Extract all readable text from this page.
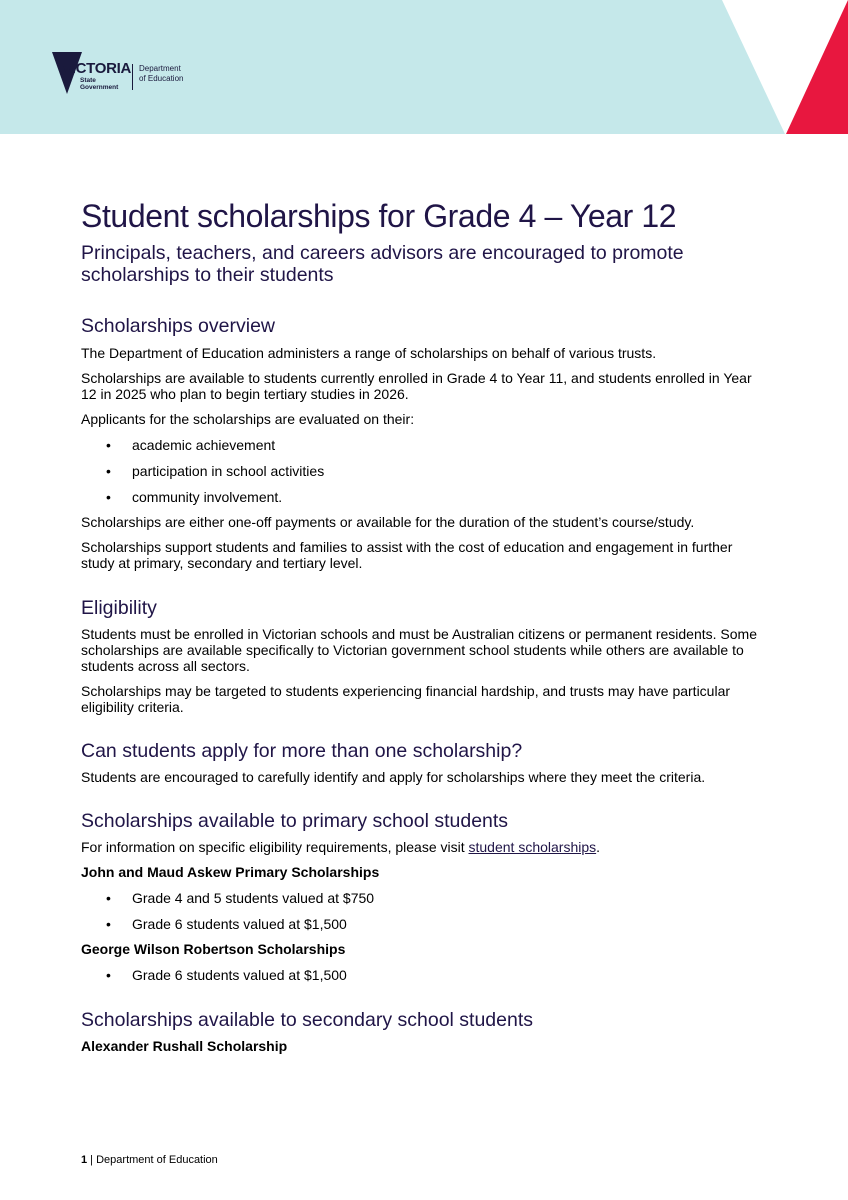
VICTORIA
State
Government
Department
of Education
Student scholarships for Grade 4 – Year 12

Principals, teachers, and careers advisors are encouraged to promote scholarships to their students

Scholarships overview

The Department of Education administers a range of scholarships on behalf of various trusts.

Scholarships are available to students currently enrolled in Grade 4 to Year 11, and students enrolled in Year 12 in 2025 who plan to begin tertiary studies in 2026.

Applicants for the scholarships are evaluated on their:

• academic achievement
• participation in school activities
• community involvement.

Scholarships are either one-off payments or available for the duration of the student’s course/study.

Scholarships support students and families to assist with the cost of education and engagement in further study at primary, secondary and tertiary level.

Eligibility

Students must be enrolled in Victorian schools and must be Australian citizens or permanent residents. Some scholarships are available specifically to Victorian government school students while others are available to students across all sectors.

Scholarships may be targeted to students experiencing financial hardship, and trusts may have particular eligibility criteria.

Can students apply for more than one scholarship?

Students are encouraged to carefully identify and apply for scholarships where they meet the criteria.

Scholarships available to primary school students

For information on specific eligibility requirements, please visit student scholarships.

John and Maud Askew Primary Scholarships

• Grade 4 and 5 students valued at $750
• Grade 6 students valued at $1,500

George Wilson Robertson Scholarships

• Grade 6 students valued at $1,500
Scholarships available to secondary school students

Alexander Rushall Scholarship

1 | Department of Education
